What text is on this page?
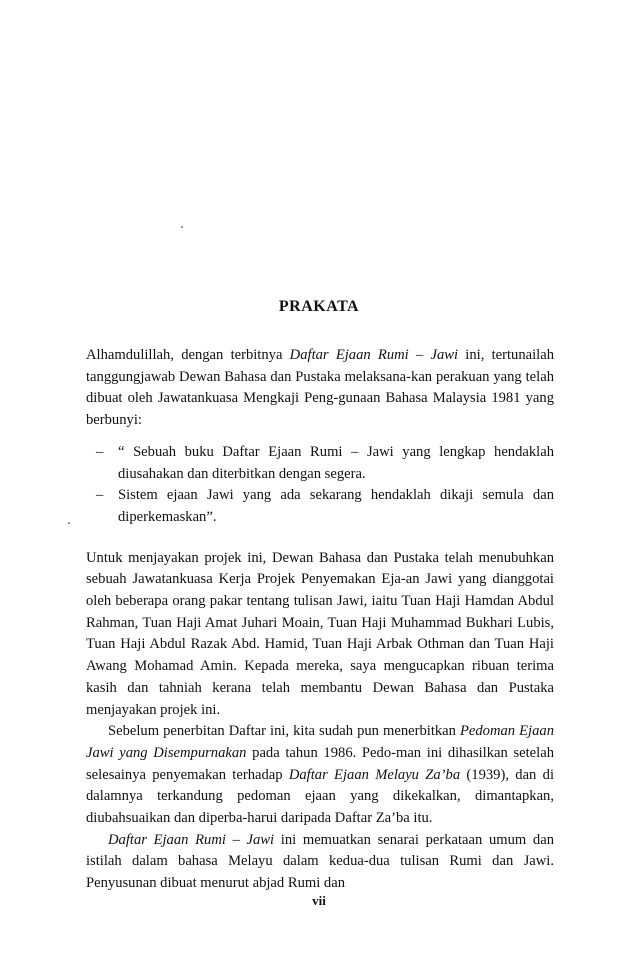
PRAKATA

Alhamdulillah, dengan terbitnya Daftar Ejaan Rumi – Jawi ini, tertunailah tanggungjawab Dewan Bahasa dan Pustaka melaksana-kan perakuan yang telah dibuat oleh Jawatankuasa Mengkaji Peng-gunaan Bahasa Malaysia 1981 yang berbunyi:

– “ Sebuah buku Daftar Ejaan Rumi – Jawi yang lengkap hendaklah diusahakan dan diterbitkan dengan segera.
– Sistem ejaan Jawi yang ada sekarang hendaklah dikaji semula dan diperkemaskan”.

Untuk menjayakan projek ini, Dewan Bahasa dan Pustaka telah menubuhkan sebuah Jawatankuasa Kerja Projek Penyemakan Eja-an Jawi yang dianggotai oleh beberapa orang pakar tentang tulisan Jawi, iaitu Tuan Haji Hamdan Abdul Rahman, Tuan Haji Amat Juhari Moain, Tuan Haji Muhammad Bukhari Lubis, Tuan Haji Abdul Razak Abd. Hamid, Tuan Haji Arbak Othman dan Tuan Haji Awang Mohamad Amin. Kepada mereka, saya mengucapkan ribuan terima kasih dan tahniah kerana telah membantu Dewan Bahasa dan Pustaka menjayakan projek ini.

Sebelum penerbitan Daftar ini, kita sudah pun menerbitkan Pedoman Ejaan Jawi yang Disempurnakan pada tahun 1986. Pedo-man ini dihasilkan setelah selesainya penyemakan terhadap Daftar Ejaan Melayu Za’ba (1939), dan di dalamnya terkandung pedoman ejaan yang dikekalkan, dimantapkan, diubahsuaikan dan diperba-harui daripada Daftar Za’ba itu.

Daftar Ejaan Rumi – Jawi ini memuatkan senarai perkataan umum dan istilah dalam bahasa Melayu dalam kedua-dua tulisan Rumi dan Jawi. Penyusunan dibuat menurut abjad Rumi dan

vii
